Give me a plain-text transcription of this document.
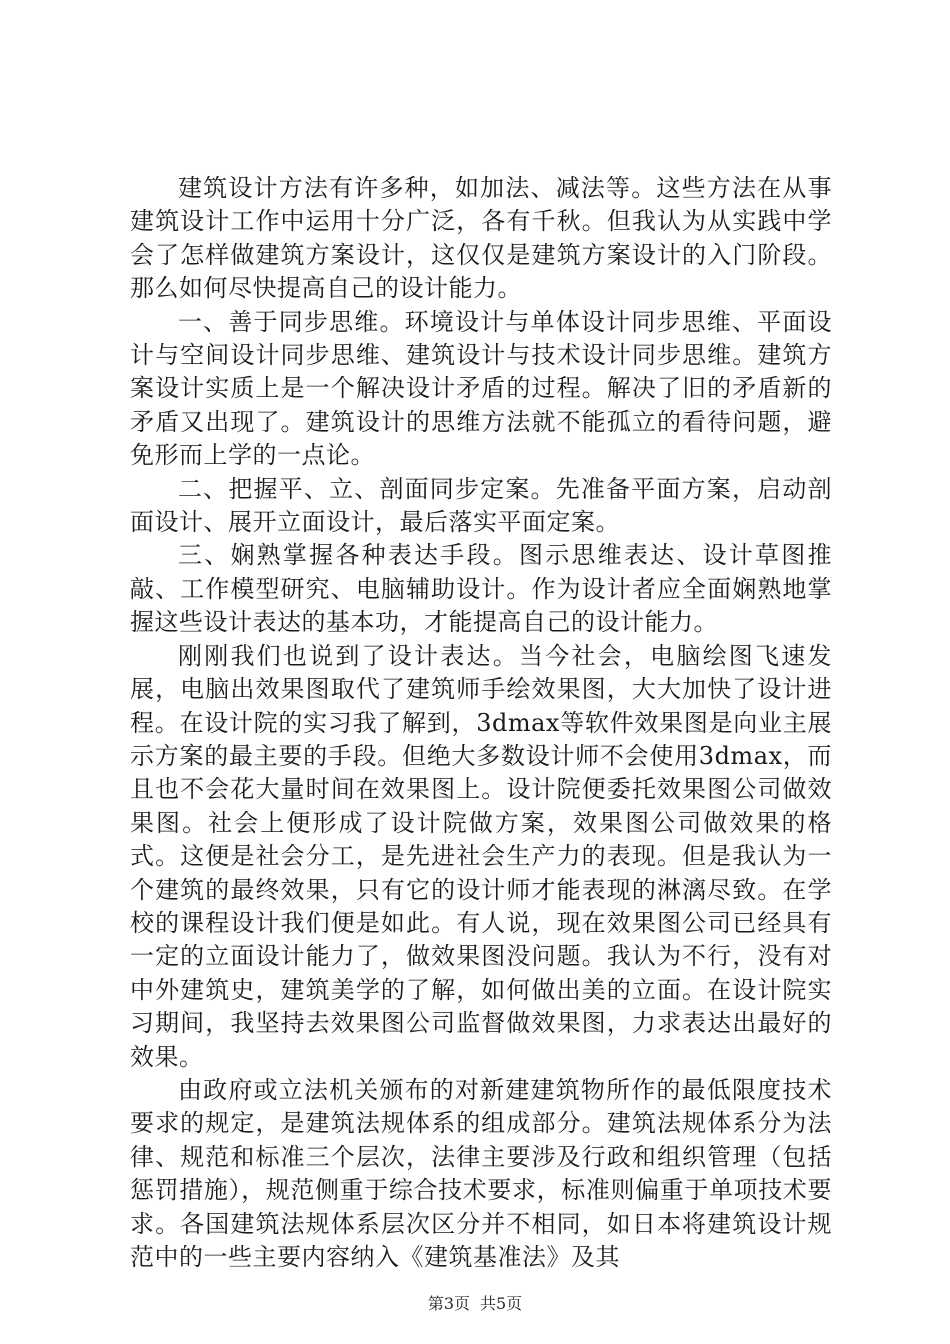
建筑设计方法有许多种，如加法、减法等。这些方法在从事建筑设计工作中运用十分广泛，各有千秋。但我认为从实践中学会了怎样做建筑方案设计，这仅仅是建筑方案设计的入门阶段。那么如何尽快提高自己的设计能力。

一、善于同步思维。环境设计与单体设计同步思维、平面设计与空间设计同步思维、建筑设计与技术设计同步思维。建筑方案设计实质上是一个解决设计矛盾的过程。解决了旧的矛盾新的矛盾又出现了。建筑设计的思维方法就不能孤立的看待问题，避免形而上学的一点论。

二、把握平、立、剖面同步定案。先准备平面方案，启动剖面设计、展开立面设计，最后落实平面定案。

三、娴熟掌握各种表达手段。图示思维表达、设计草图推敲、工作模型研究、电脑辅助设计。作为设计者应全面娴熟地掌握这些设计表达的基本功，才能提高自己的设计能力。

刚刚我们也说到了设计表达。当今社会，电脑绘图飞速发展，电脑出效果图取代了建筑师手绘效果图，大大加快了设计进程。在设计院的实习我了解到，3dmax等软件效果图是向业主展示方案的最主要的手段。但绝大多数设计师不会使用3dmax，而且也不会花大量时间在效果图上。设计院便委托效果图公司做效果图。社会上便形成了设计院做方案，效果图公司做效果的格式。这便是社会分工，是先进社会生产力的表现。但是我认为一个建筑的最终效果，只有它的设计师才能表现的淋漓尽致。在学校的课程设计我们便是如此。有人说，现在效果图公司已经具有一定的立面设计能力了，做效果图没问题。我认为不行，没有对中外建筑史，建筑美学的了解，如何做出美的立面。在设计院实习期间，我坚持去效果图公司监督做效果图，力求表达出最好的效果。

由政府或立法机关颁布的对新建建筑物所作的最低限度技术要求的规定，是建筑法规体系的组成部分。建筑法规体系分为法律、规范和标准三个层次，法律主要涉及行政和组织管理（包括惩罚措施），规范侧重于综合技术要求，标准则偏重于单项技术要求。各国建筑法规体系层次区分并不相同，如日本将建筑设计规范中的一些主要内容纳入《建筑基准法》及其

第3页 共5页
